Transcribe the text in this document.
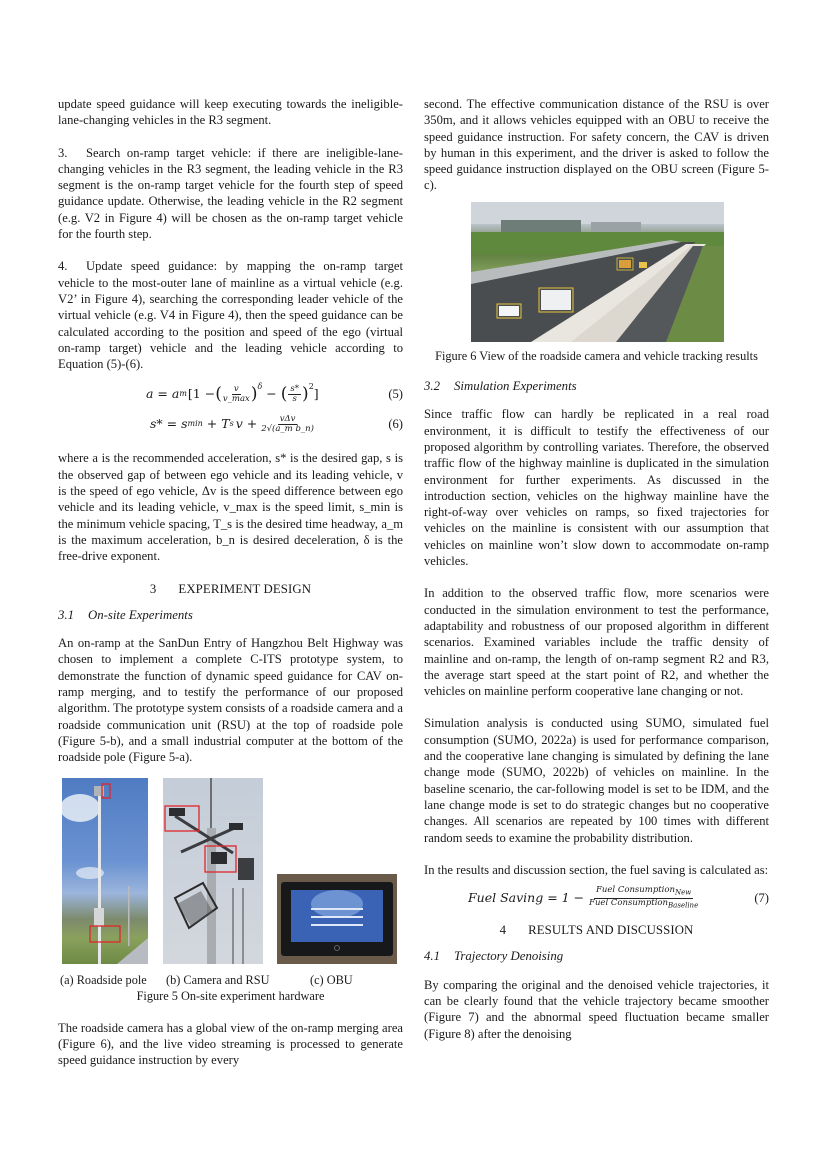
update speed guidance will keep executing towards the ineligible-lane-changing vehicles in the R3 segment.

3. Search on-ramp target vehicle: if there are ineligible-lane-changing vehicles in the R3 segment, the leading vehicle in the R3 segment is the on-ramp target vehicle for the fourth step of speed guidance update. Otherwise, the leading vehicle in the R2 segment (e.g. V2 in Figure 4) will be chosen as the on-ramp target vehicle for the fourth step.

4. Update speed guidance: by mapping the on-ramp target vehicle to the most-outer lane of mainline as a virtual vehicle (e.g. V2’ in Figure 4), searching the corresponding leader vehicle of the virtual vehicle (e.g. V4 in Figure 4), then the speed guidance can be calculated according to the position and speed of the ego (virtual on-ramp target) vehicle and the leading vehicle according to Equation (5)-(6).

a = a m [1 − ( $\frac{v}{v\_\max} )^\delta$ − ( $\frac{s*}{s} )^2$ ]	(5)
s* = s min + T s $v + \frac{\text{vΔv}}{\text{2√(a\_m b\_n)}}$	(6)

where a is the recommended acceleration, s* is the desired gap, s is the observed gap of between ego vehicle and its leading vehicle, v is the speed of ego vehicle, Δv is the speed difference between ego vehicle and its leading vehicle, v_max is the speed limit, s_min is the minimum vehicle spacing, T_s is the desired time headway, a_m is the maximum acceleration, b_n is desired deceleration, δ is the free-drive exponent.

3 EXPERIMENT DESIGN
3.1 On-site Experiments

An on-ramp at the SanDun Entry of Hangzhou Belt Highway was chosen to implement a complete C-ITS prototype system, to demonstrate the function of dynamic speed guidance for CAV on-ramp merging, and to testify the performance of our proposed algorithm. The prototype system consists of a roadside camera and a roadside communication unit (RSU) at the top of roadside pole (Figure 5-b), and a small industrial computer at the bottom of the roadside pole (Figure 5-a).

(a) Roadside pole (b) Camera and RSU	(c) OBU
Figure 5 On-site experiment hardware

The roadside camera has a global view of the on-ramp merging area (Figure 6), and the live video streaming is processed to generate speed guidance instruction by every

second. The effective communication distance of the RSU is over 350m, and it allows vehicles equipped with an OBU to receive the speed guidance instruction. For safety concern, the CAV is driven by human in this experiment, and the driver is asked to follow the speed guidance instruction displayed on the OBU screen (Figure 5-c).

Figure 6 View of the roadside camera and vehicle tracking results
3.2 Simulation Experiments

Since traffic flow can hardly be replicated in a real road environment, it is difficult to testify the effectiveness of our proposed algorithm by controlling variates. Therefore, the observed traffic flow of the highway mainline is duplicated in the simulation environment for further experiments. As discussed in the introduction section, vehicles on the highway mainline have the right-of-way over vehicles on ramps, so fixed trajectories for vehicles on the mainline is consistent with our assumption that vehicles on mainline won’t slow down to accommodate on-ramp vehicles.

In addition to the observed traffic flow, more scenarios were conducted in the simulation environment to test the performance, adaptability and robustness of our proposed algorithm in different scenarios. Examined variables include the traffic density of mainline and on-ramp, the length of on-ramp segment R2 and R3, the average start speed at the start point of R2, and whether the vehicles on mainline perform cooperative lane changing or not.

Simulation analysis is conducted using SUMO, simulated fuel consumption (SUMO, 2022a) is used for performance comparison, and the cooperative lane changing is simulated by defining the lane change mode (SUMO, 2022b) of vehicles on mainline. In the baseline scenario, the car-following model is set to be IDM, and the lane change mode is set to do strategic changes but no cooperative changes. All scenarios are repeated by 100 times with different random seeds to examine the probability distribution.

In the results and discussion section, the fuel saving is calculated as:

Fuel Saving = $1 - \frac{Fuel Consumption_{New}}{Fuel Consumption_{Baseline}}$	(7)
4 RESULTS AND DISCUSSION
4.1 Trajectory Denoising

By comparing the original and the denoised vehicle trajectories, it can be clearly found that the vehicle trajectory became smoother (Figure 7) and the abnormal speed fluctuation became smaller (Figure 8) after the denoising
